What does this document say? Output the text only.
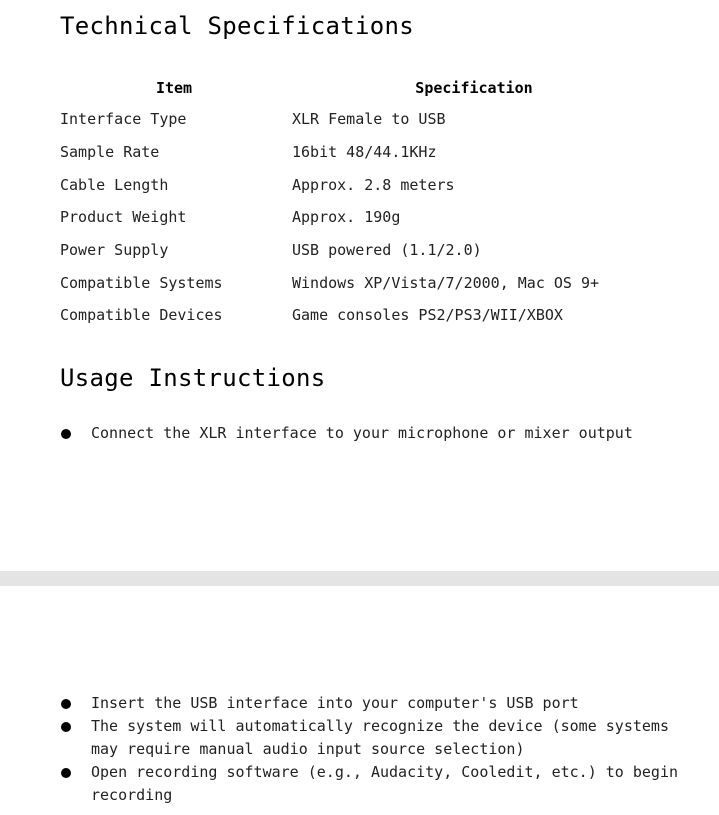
Technical Specifications
Item	Specification
Interface Type	XLR Female to USB
Sample Rate	16bit 48/44.1KHz
Cable Length	Approx. 2.8 meters
Product Weight	Approx. 190g
Power Supply	USB powered (1.1/2.0)
Compatible Systems	Windows XP/Vista/7/2000, Mac OS 9+
Compatible Devices	Game consoles PS2/PS3/WII/XBOX
Usage Instructions
Connect the XLR interface to your microphone or mixer output
Insert the USB interface into your computer's USB port
The system will automatically recognize the device (some systems may require manual audio input source selection)
Open recording software (e.g., Audacity, Cooledit, etc.) to begin recording
